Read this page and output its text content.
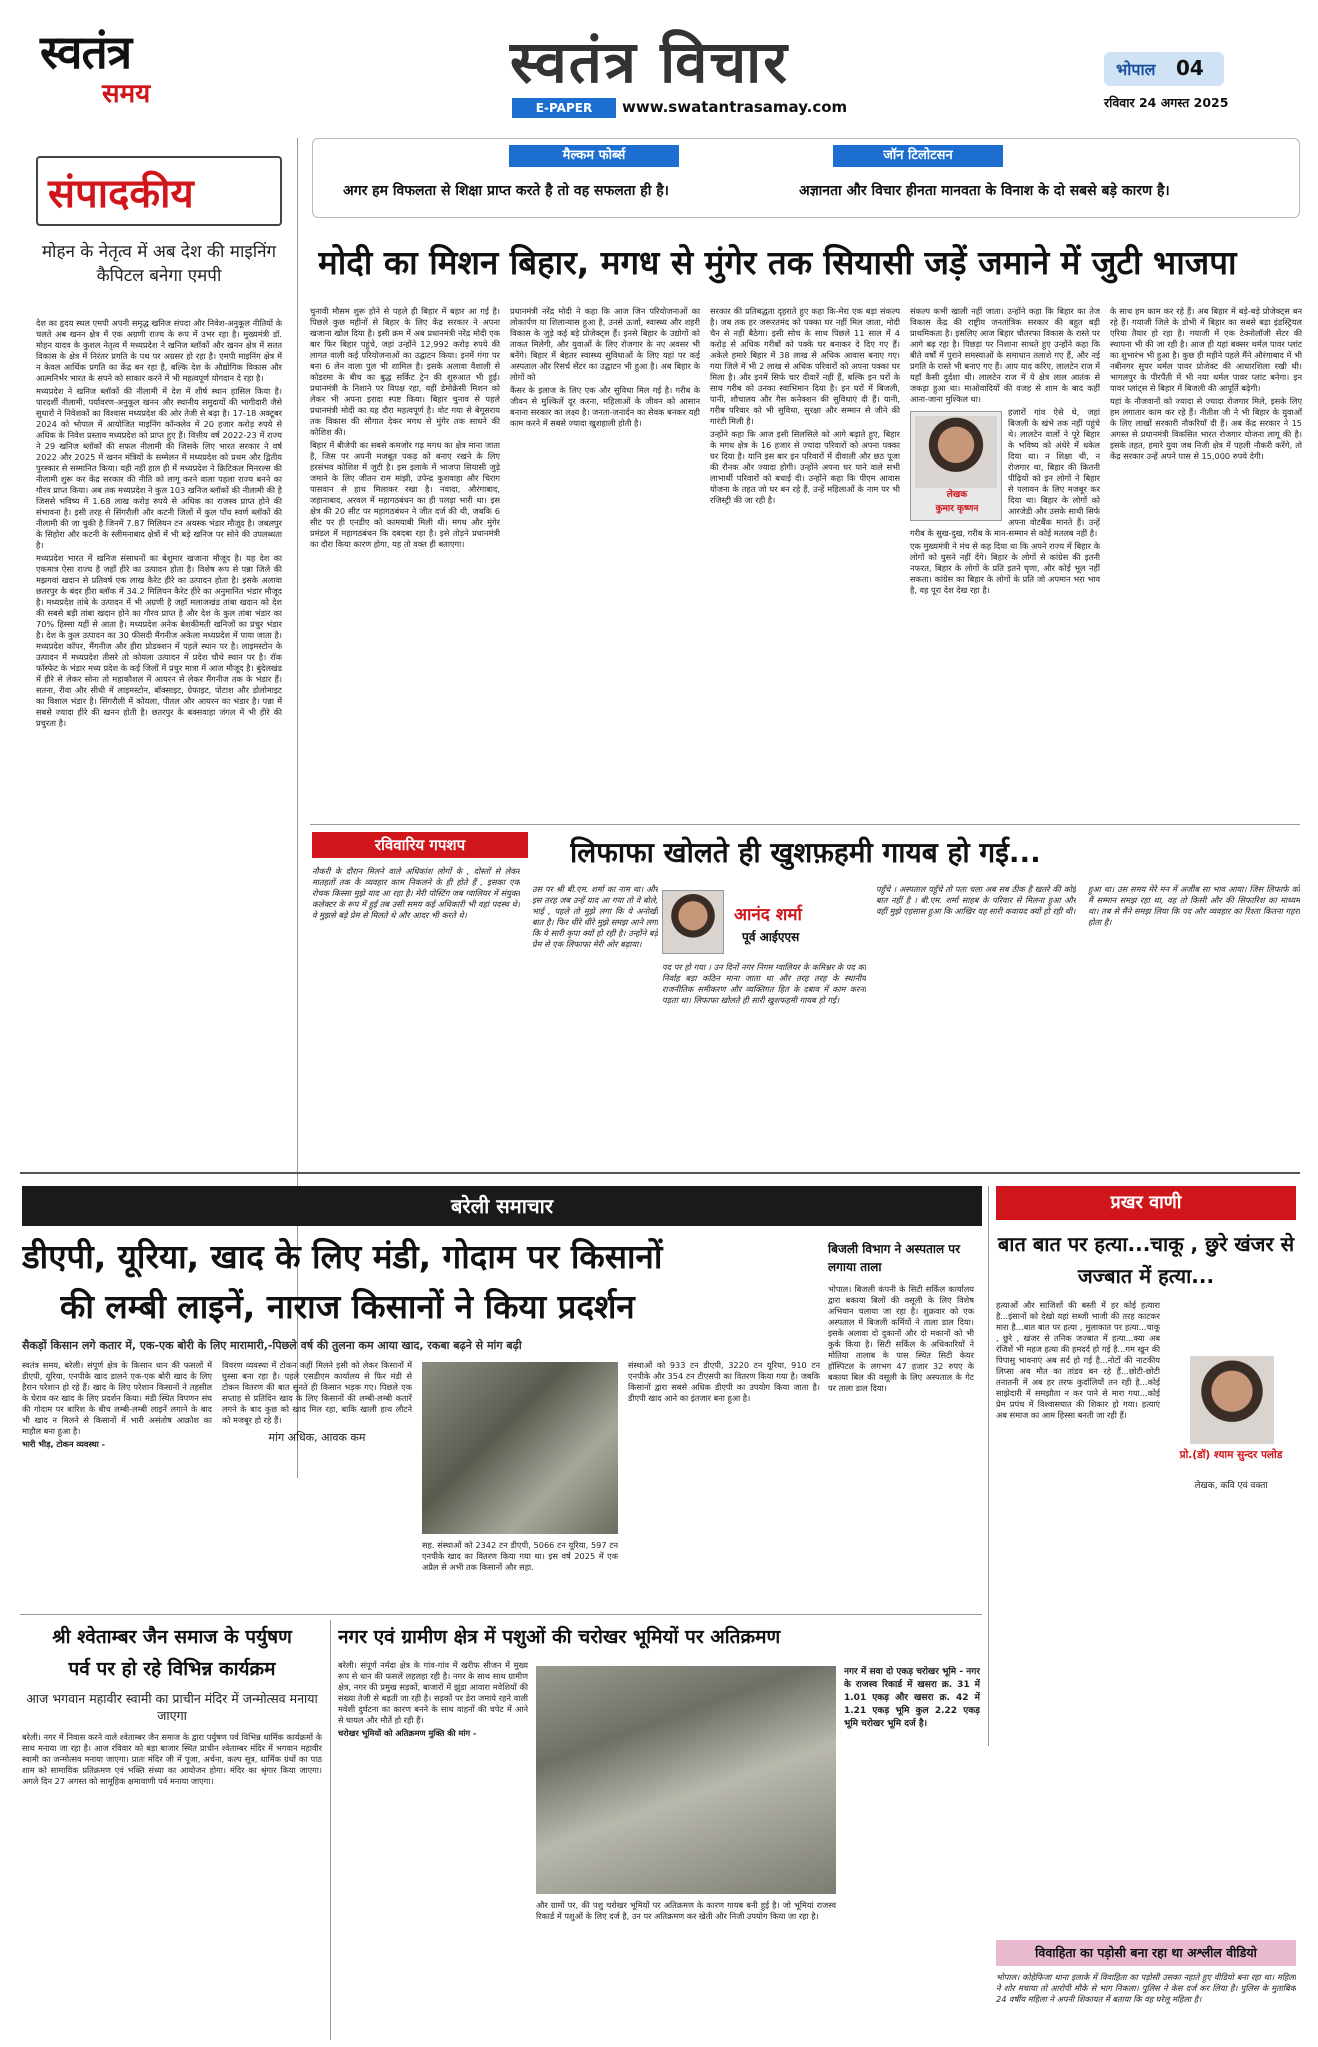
स्वतंत्र
समय	स्वतंत्र विचार
E-PAPER	www.swatantrasamay.com
भोपाल 04
रविवार 24 अगस्त 2025
संपादकीय
मोहन के नेतृत्व में अब देश की माइनिंग कैपिटल बनेगा एमपी

देश का हृदय स्थल एमपी अपनी समृद्ध खनिज संपदा और निवेश-अनुकूल नीतियों के चलते अब खनन क्षेत्र में एक अग्रणी राज्य के रूप में उभर रहा है। मुख्यमंत्री डॉ. मोहन यादव के कुशल नेतृत्व में मध्यप्रदेश ने खनिज ब्लॉकों और खनन क्षेत्र में सतत विकास के क्षेत्र में निरंतर प्रगति के पथ पर अग्रसर हो रहा है। एमपी माइनिंग क्षेत्र में न केवल आर्थिक प्रगति का केंद्र बन रहा है, बल्कि देश के औद्योगिक विकास और आत्मनिर्भर भारत के सपने को साकार करने में भी महत्वपूर्ण योगदान दे रहा है।

मध्यप्रदेश ने खनिज ब्लॉकों की नीलामी में देश में शीर्ष स्थान हासिल किया है। पारदर्शी नीलामी, पर्यावरण-अनुकूल खनन और स्थानीय समुदायों की भागीदारी जैसे सुधारों ने निवेशकों का विश्वास मध्यप्रदेश की ओर तेजी से बढ़ा है। 17-18 अक्टूबर 2024 को भोपाल में आयोजित माइनिंग कॉन्क्लेव में 20 हजार करोड़ रुपये से अधिक के निवेश प्रस्ताव मध्यप्रदेश को प्राप्त हुए हैं। वित्तीय वर्ष 2022-23 में राज्य ने 29 खनिज ब्लॉकों की सफल नीलामी की जिसके लिए भारत सरकार ने वर्ष 2022 और 2025 में खनन मंत्रियों के सम्मेलन में मध्यप्रदेश को प्रथम और द्वितीय पुरस्कार से सम्मानित किया। यही नहीं हाल ही में मध्यप्रदेश ने क्रिटिकल मिनरल्स की नीलामी शुरू कर केंद्र सरकार की नीति को लागू करने वाला पहला राज्य बनने का गौरव प्राप्त किया। अब तक मध्यप्रदेश ने कुल 103 खनिज ब्लॉकों की नीलामी की है जिससे भविष्य में 1.68 लाख करोड़ रुपये से अधिक का राजस्व प्राप्त होने की संभावना है। इसी तरह से सिंगरौली और कटनी जिलों में कुल पाँच स्वर्ण ब्लॉकों की नीलामी की जा चुकी है जिनमें 7.87 मिलियन टन अयस्क भंडार मौजूद है। जबलपुर के सिहोरा और कटनी के स्लीमनाबाद क्षेत्रों में भी बड़े खनिज पर सोने की उपलब्धता है।

मध्यप्रदेश भारत में खनिज संसाधनों का बेशुमार खजाना मौजूद है। यह देश का एकमात्र ऐसा राज्य है जहाँ हीरे का उत्पादन होता है। विशेष रूप से पन्ना जिले की मझगवां खदान से प्रतिवर्ष एक लाख कैरेट हीरे का उत्पादन होता है। इसके अलावा छतरपुर के बंदर हीरा ब्लॉक में 34.2 मिलियन कैरेट हीरे का अनुमानित भंडार मौजूद है। मध्यप्रदेश तांबे के उत्पादन में भी अग्रणी है जहाँ मलाजखंड तांबा खदान को देश की सबसे बड़ी तांबा खदान होने का गौरव प्राप्त है और देश के कुल तांबा भंडार का 70% हिस्सा यहीं से आता है। मध्यप्रदेश अनेक बेशकीमती खनिजों का प्रचुर भंडार है। देश के कुल उत्पादन का 30 फीसदी मैंगनीज अकेला मध्यप्रदेश में पाया जाता है। मध्यप्रदेश कॉपर, मैंगनीज और हीरा प्रोडक्शन में पहले स्थान पर है। लाइमस्टोन के उत्पादन में मध्यप्रदेश तीसरे तो कोयला उत्पादन में प्रदेश चौथे स्थान पर है। रॉक फॉस्फेट के भंडार मध्य प्रदेश के कई जिलों में प्रचुर मात्रा में आज मौजूद है। बुंदेलखंड में हीरे से लेकर सोना तो महाकौशल में आयरन से लेकर मैंगनीज तक के भंडार हैं। सतना, रीवा और सीधी में लाइमस्टोन, बॉक्साइट, ग्रेफाइट, पोटाश और डोलोमाइट का विशाल भंडार है। सिंगरौली में कोयला, पीतल और आयरन का भंडार है। पन्ना में सबसे ज्यादा हीरे की खनन होती है। छतरपुर के बक्सवाहा जंगल में भी हीरे की प्रचुरता है।

मैल्कम फोर्ब्स
अगर हम विफलता से शिक्षा प्राप्त करते है तो वह सफलता ही है।
जॉन टिलोटसन
अज्ञानता और विचार हीनता मानवता के विनाश के दो सबसे बड़े कारण है।
मोदी का मिशन बिहार, मगध से मुंगेर तक सियासी जड़ें जमाने में जुटी भाजपा

चुनावी मौसम शुरू होने से पहले ही बिहार में बहार आ गई है। पिछले कुछ महीनों से बिहार के लिए केंद्र सरकार ने अपना खजाना खोल दिया है। इसी क्रम में अब प्रधानमंत्री नरेंद्र मोदी एक बार फिर बिहार पहुंचे, जहां उन्होंने 12,992 करोड़ रुपये की लागत वाली कई परियोजनाओं का उद्घाटन किया। इनमें गंगा पर बना 6 लेन वाला पुल भी शामिल है। इसके अलावा वैशाली से कोडरमा के बीच का बुद्ध सर्किट ट्रेन की शुरुआत भी हुई। प्रधानमंत्री के निशाने पर विपक्ष रहा, वहीं डेमोक्रेसी मिशन को लेकर भी अपना इरादा स्पष्ट किया। बिहार चुनाव से पहले प्रधानमंत्री मोदी का यह दौरा महत्वपूर्ण है। वोट गया से बेगूसराय तक विकास की सौगात देकर मगध से मुंगेर तक साधने की कोशिश की।

बिहार में बीजेपी का सबसे कमजोर गढ़ मगध का क्षेत्र माना जाता है, जिस पर अपनी मजबूत पकड़ को बनाए रखने के लिए हरसंभव कोशिश में जुटी है। इस इलाके में भाजपा सियासी जुड़े जमाने के लिए जीतन राम मांझी, उपेन्द्र कुशवाहा और चिराग पासवान से हाथ मिलाकर रखा है। नवादा, औरंगाबाद, जहानाबाद, अरवल में महागठबंधन का ही पलड़ा भारी था। इस क्षेत्र की 20 सीट पर महागठबंधन ने जीत दर्ज की थी, जबकि 6 सीट पर ही एनडीए को कामयाबी मिली थी। मगध और मुंगेर प्रमंडल में महागठबंधन कि दबदबा रहा है। इसे तोड़ने प्रधानमंत्री का दौरा किया कारण होगा, यह तो वक्त ही बताएगा।

प्रधानमंत्री नरेंद्र मोदी ने कहा कि आज जिन परियोजनाओं का लोकार्पण या शिलान्यास हुआ है, उनसे ऊर्जा, स्वास्थ्य और शहरी विकास के जुड़े कई बड़े प्रोजेक्ट्स हैं। इनसे बिहार के उद्योगों को ताकत मिलेगी, और युवाओं के लिए रोजगार के नए अवसर भी बनेंगे। बिहार में बेहतर स्वास्थ्य सुविधाओं के लिए यहां पर कई अस्पताल और रिसर्च सेंटर का उद्घाटन भी हुआ है। अब बिहार के लोगों को

कैंसर के इलाज के लिए एक और सुविधा मिल गई है। गरीब के जीवन से मुश्किलें दूर करना, महिलाओं के जीवन को आसान बनाना सरकार का लक्ष्य है। जनता-जनार्दन का सेवक बनकर यही काम करने में सबसे ज्यादा खुशहाली होती है।

सरकार की प्रतिबद्धता दृहराते हुए कहा कि-मेरा एक बड़ा संकल्प है। जब तक हर जरूरतमंद को पक्का घर नहीं मिल जाता, मोदी चैन से नहीं बैठेगा। इसी सोच के साथ पिछले 11 साल में 4 करोड़ से अधिक गरीबों को पक्के घर बनाकर दे दिए गए हैं। अकेले हमारे बिहार में 38 लाख से अधिक आवास बनाए गए। गया जिले में भी 2 लाख से अधिक परिवारों को अपना पक्का घर मिला है। और इनमें सिर्फ चार दीवारें नहीं हैं, बल्कि इन घरों के साथ गरीब को उनका स्वाभिमान दिया है। इन घरों में बिजली, पानी, शौचालय और गैस कनेक्शन की सुविधाएं दी हैं। यानी, गरीब परिवार को भी सुविधा, सुरक्षा और सम्मान से जीने की गारंटी मिली है।

उन्होंने कहा कि आज इसी सिलसिले को आगे बढ़ाते हुए, बिहार के मगध क्षेत्र के 16 हजार से ज्यादा परिवारों को अपना पक्का घर दिया है। यानि इस बार इन परिवारों में दीवाली और छठ पूजा की रौनक और ज्यादा होगी। उन्होंने अपना घर पाने वाले सभी लाभार्थी परिवारों को बधाई दी। उन्होंने कहा कि पीएम आवास योजना के तहत जो घर बन रहे हैं, उन्हें महिलाओं के नाम पर भी रजिस्ट्री की जा रही है।

संकल्प कभी खाली नहीं जाता। उन्होंने कहा कि बिहार का तेज विकास केंद्र की राष्ट्रीय जनतांत्रिक सरकार की बहुत बड़ी प्राथमिकता है। इसलिए आज बिहार चौतरफा विकास के रास्ते पर आगे बढ़ रहा है। पिछड़ा पर निशाना साधते हुए उन्होंने कहा कि बीते वर्षों में पुराने समस्याओं के समाधान तलाशे गए हैं, और नई प्रगति के रास्ते भी बनाए गए हैं। आप याद करिए, लालटेन राज में यहाँ कैसी दुर्दशा थी। लालटेन राज में ये क्षेत्र लाल आतंक से जकड़ा हुआ था। माओवादियों की वजह से शाम के बाद कहीं आना-जाना मुश्किल था।

लेखक
कुमार कृष्णन

हजारों गांव ऐसे थे, जहां बिजली के खंभे तक नहीं पहुंचे थे। लालटेन वालों ने पूरे बिहार के भविष्य को अंधेरे में धकेल दिया था। न शिक्षा थी, न रोजगार था, बिहार की कितनी पीढ़ियों को इन लोगों ने बिहार से पलायन के लिए मजबूर कर दिया था। बिहार के लोगों को आरजेडी और उसके साथी सिर्फ अपना वोटबैंक मानते हैं। उन्हें गरीब के सुख-दुख, गरीब के मान-सम्मान से कोई मतलब नहीं है।

एक मुख्यमंत्री ने मंच से कह दिया था कि अपने राज्य में बिहार के लोगों को घुसने नहीं देंगे। बिहार के लोगों से कांग्रेस की इतनी नफरत, बिहार के लोगों के प्रति इतने घृणा, और कोई भूल नहीं सकता। कांग्रेस का बिहार के लोगों के प्रति जो अपमान भरा भाव है, वह पूरा देश देख रहा है।

के साथ हम काम कर रहे हैं। अब बिहार में बड़े-बड़े प्रोजेक्ट्स बन रहे हैं। गयाजी जिले के डोभी में बिहार का सबसे बड़ा इंडस्ट्रियल एरिया तैयार हो रहा है। गयाजी में एक टेक्नोलॉजी सेंटर की स्थापना भी की जा रही है। आज ही यहां बक्सर थर्मल पावर प्लांट का शुभारंभ भी हुआ है। कुछ ही महीने पहले मैंने औरंगाबाद में भी नबीनगर सुपर थर्मल पावर प्रोजेक्ट की आधारशिला रखी थी। भागलपुर के पीरपैंती में भी नया थर्मल पावर प्लांट बनेगा। इन पावर प्लांट्स से बिहार में बिजली की आपूर्ति बढ़ेगी।

यहां के नौजवानों को ज्यादा से ज्यादा रोजगार मिले, इसके लिए हम लगातार काम कर रहे हैं। नीतीश जी ने भी बिहार के युवाओं के लिए लाखों सरकारी नौकरियाँ दी हैं। अब केंद्र सरकार ने 15 अगस्त से प्रधानमंत्री विकसित भारत रोजगार योजना लागू की है। इसके तहत, हमारे युवा जब निजी क्षेत्र में पहली नौकरी करेंगे, तो केंद्र सरकार उन्हें अपने पास से 15,000 रुपये देगी।

रविवारिय गपशप	लिफाफा खोलते ही खुशफ़हमी गायब हो गई...
नौकरी के दौरान मिलने वाले अधिकांश लोगों के , दोस्तों से लेकर मातहतों तक के व्यवहार काम निकलने के ही होते हैं , इसका एक रोचक किस्सा मुझे याद आ रहा है। मेरी पोस्टिंग जब ग्वालियर में संयुक्त कलेक्टर के रूप में हुई तब उसी समय कई अधिकारी भी वहां पदस्थ थे। वे मुझसे बड़े प्रेम से मिलते थे और आदर भी करते थे।
उस पर श्री बी.एम. शर्मा का नाम था। और इस तरह जब उन्हें याद आ गया तो वे बोले, भाई , पहले तो मुझे लगा कि ये अनोखी बात है। फिर धीरे धीरे मुझे समझ आने लगा कि ये सारी कृपा क्यों हो रही है। उन्होंने बड़े प्रेम से एक लिफाफा मेरी ओर बढ़ाया।
आनंद शर्मा
पूर्व आईएएस
पद पर हो गया । उन दिनों नगर निगम ग्वालियर के कमिश्नर के पद का निर्वाह बड़ा कठिन माना जाता था और तरह तरह के स्थानीय राजनीतिक समीकरण और व्यक्तिगत हित के दबाव में काम करना पड़ता था। लिफाफा खोलते ही सारी खुशफहमी गायब हो गई।
पहुँचे । अस्पताल पहुँचे तो पता चला अब सब ठीक है खतरे की कोई बात नहीं है । बी.एम. शर्मा साहब के परिवार से मिलना हुआ और वहीं मुझे एहसास हुआ कि आखिर यह सारी कवायद क्यों हो रही थी।
हुआ था। उस समय मेरे मन में अजीब सा भाव आया। जिस लिफाफे को मैं सम्मान समझ रहा था, वह तो किसी और की सिफारिश का माध्यम था। तब से मैंने समझ लिया कि पद और व्यवहार का रिश्ता कितना गहरा होता है।
बरेली समाचार
डीएपी, यूरिया, खाद के लिए मंडी, गोदाम पर किसानों
की लम्बी लाइनें, नाराज किसानों ने किया प्रदर्शन
सैकड़ों किसान लगे कतार में, एक-एक बोरी के लिए मारामारी,-पिछले वर्ष की तुलना कम आया खाद, रकबा बढ़ने से मांग बढ़ी

स्वतंत्र समय, बरेली। संपूर्ण क्षेत्र के किसान धान की फसलों में डीएपी, यूरिया, एनपीके खाद डालने एक-एक बोरी खाद के लिए हैरान परेशान हो रहे हैं। खाद के लिए परेशान किसानों ने तहसील के घेराव कर खाद के लिए प्रदर्शन किया। मंडी स्थित विपणन संघ की गोदाम पर बारिश के बीच लम्बी-लम्बी लाइनें लगाने के बाद भी खाद न मिलने से किसानों में भारी असंतोष आक्रोश का माहौल बना हुआ है।

भारी भीड़, टोकन व्यवस्था -

विवरण व्यवस्था में टोकन कहीं मिलने इसी को लेकर किसानों में घुस्सा बना रहा है। पहले एसडीएम कार्यालय से फिर मंडी से टोकन वितरण की बात सुनते ही किसान भड़क गए। पिछले एक सप्ताह से प्रतिदिन खाद के लिए किसानों की लम्बी-लम्बी कतारें लगने के बाद कुछ को खाद मिल रहा, बाकि खाली हाथ लौटने को मजबूर हो रहे हैं।

मांग अधिक, आवक कम

सह. संस्थाओं को 2342 टन डीएपी, 5066 टन यूरिया, 597 टन एनपीके खाद का वितरण किया गया था। इस वर्ष 2025 में एक अप्रैल से अभी तक किसानों और सहा.
संस्थाओं को 933 टन डीएपी, 3220 टन यूरिया, 910 टन एनपीके और 354 टन टीएसपी का वितरण किया गया है। जबकि किसानों द्वारा सबसे अधिक डीएपी का उपयोग किया जाता है। डीएपी खाद आने का इंतजार बना हुआ है।
बिजली विभाग ने अस्पताल पर लगाया ताला
भोपाल। बिजली कंपनी के सिटी सर्किल कार्यालय द्वारा बकाया बिलों की वसूली के लिए विशेष अभियान चलाया जा रहा है। शुक्रवार को एक अस्पताल में बिजली कर्मियों ने ताला डाल दिया। इसके अलावा दो दुकानों और दो मकानों को भी कुर्क किया है। सिटी सर्किल के अधिकारियों ने मोतिया तालाब के पास स्थित सिटी केयर हॉस्पिटल के लगभग 47 हजार 32 रुपए के बकाया बिल की वसूली के लिए अस्पताल के गेट पर ताला डाल दिया।
प्रखर वाणी
बात बात पर हत्या...चाकू , छुरे खंजर से जज्बात में हत्या...
प्रो.(डॉ) श्याम सुन्दर पलोड
लेखक, कवि एवं वक्ता
हत्याओं और साजिशों की बस्ती में हर कोई हत्यारा है...इंसानों को देखो यहां सब्जी भाजी की तरह काटकर मारा है...बात बात पर हत्या , मुलाकात पर हत्या...चाकू , छुरे , खंजर से तनिक जज्बात में हत्या...क्या अब रंजिशें भी महज हत्या की हमदर्द हो गई है...गम खुन की पिपासु भावनाएं अब सर्द हो गई है...नोटों की नाटकीय लिप्सा अब मौत का तांडव बन रहे हैं...छोटी-छोटी तनातनी में अब हर तरफ कुर्दालियों तन रही है...कोई साझेदारी में समझौता न कर पाने से मारा गया...कोई प्रेम प्रपंच में विश्वासघात की शिकार हो गया। हत्याएं अब समाज का आम हिस्सा बनती जा रही हैं।
श्री श्वेताम्बर जैन समाज के पर्युषण
पर्व पर हो रहे विभिन्न कार्यक्रम
आज भगवान महावीर स्वामी का प्राचीन मंदिर में जन्मोत्सव मनाया जाएगा
बरेली। नगर में निवास करने वाले श्वेताम्बर जैन समाज के द्वारा पर्युषण पर्व विभिन्न धार्मिक कार्यक्रमों के साथ मनाया जा रहा है। आज रविवार को बड़ा बाजार स्थित प्राचीन श्वेताम्बर मंदिर में भगवान महावीर स्वामी का जन्मोत्सव मनाया जाएगा। प्रातः मंदिर जी में पूजा, अर्चना, कल्प सूत्र, धार्मिक ग्रंथों का पाठ शाम को सामायिक प्रतिक्रमण एवं भक्ति संध्या का आयोजन होगा। मंदिर का श्रृंगार किया जाएगा। अगले दिन 27 अगस्त को सामूहिक क्षमावाणी पर्व मनाया जाएगा।
नगर एवं ग्रामीण क्षेत्र में पशुओं की चरोखर भूमियों पर अतिक्रमण

बरेली। संपूर्ण नर्मदा क्षेत्र के गांव-गांव में खरीफ सीजन में मुख्य रूप से धान की फसलें लहलहा रही है। नगर के साथ साथ ग्रामीण क्षेत्र, नगर की प्रमुख सड़कों, बाजारों में झुंडा आवारा मवेशियों की संख्या तेजी से बढ़ती जा रही है। सड़कों पर डेरा जमाये रहने वाली मवेशी दुर्घटना का कारण बनने के साथ वाहनों की चपेट में आने से घायल और मौतें हो रही हैं।

चरोखर भूमियों को अतिक्रमण मुक्ति की मांग -

और ग्रामों पर, की पशु चरोखर भूमियों पर अतिक्रमण के कारण गायब बनी हुई है। जो भूमियां राजस्व रिकार्ड में पशुओं के लिए दर्ज है, उन पर अतिक्रमण कर खेती और निजी उपयोग किया जा रहा है।
नगर में सवा दो एकड़ चरोखर भूमि - नगर के राजस्व रिकार्ड में खसरा क्र. 31 में 1.01 एकड़ और खसरा क्र. 42 में 1.21 एकड़ भूमि कुल 2.22 एकड़ भूमि चरोखर भूमि दर्ज है।
विवाहिता का पड़ोसी बना रहा था अश्लील वीडियो
भोपाल। कोहेफिजा थाना इलाके में विवाहिता का पड़ोसी उसका नहाते हुए वीडियो बना रहा था। महिला ने शोर मचाया तो आरोपी मौके से भाग निकला। पुलिस ने केस दर्ज कर लिया है। पुलिस के मुताबिक 24 वर्षीय महिला ने अपनी शिकायत में बताया कि वह घरेलू महिला है।
